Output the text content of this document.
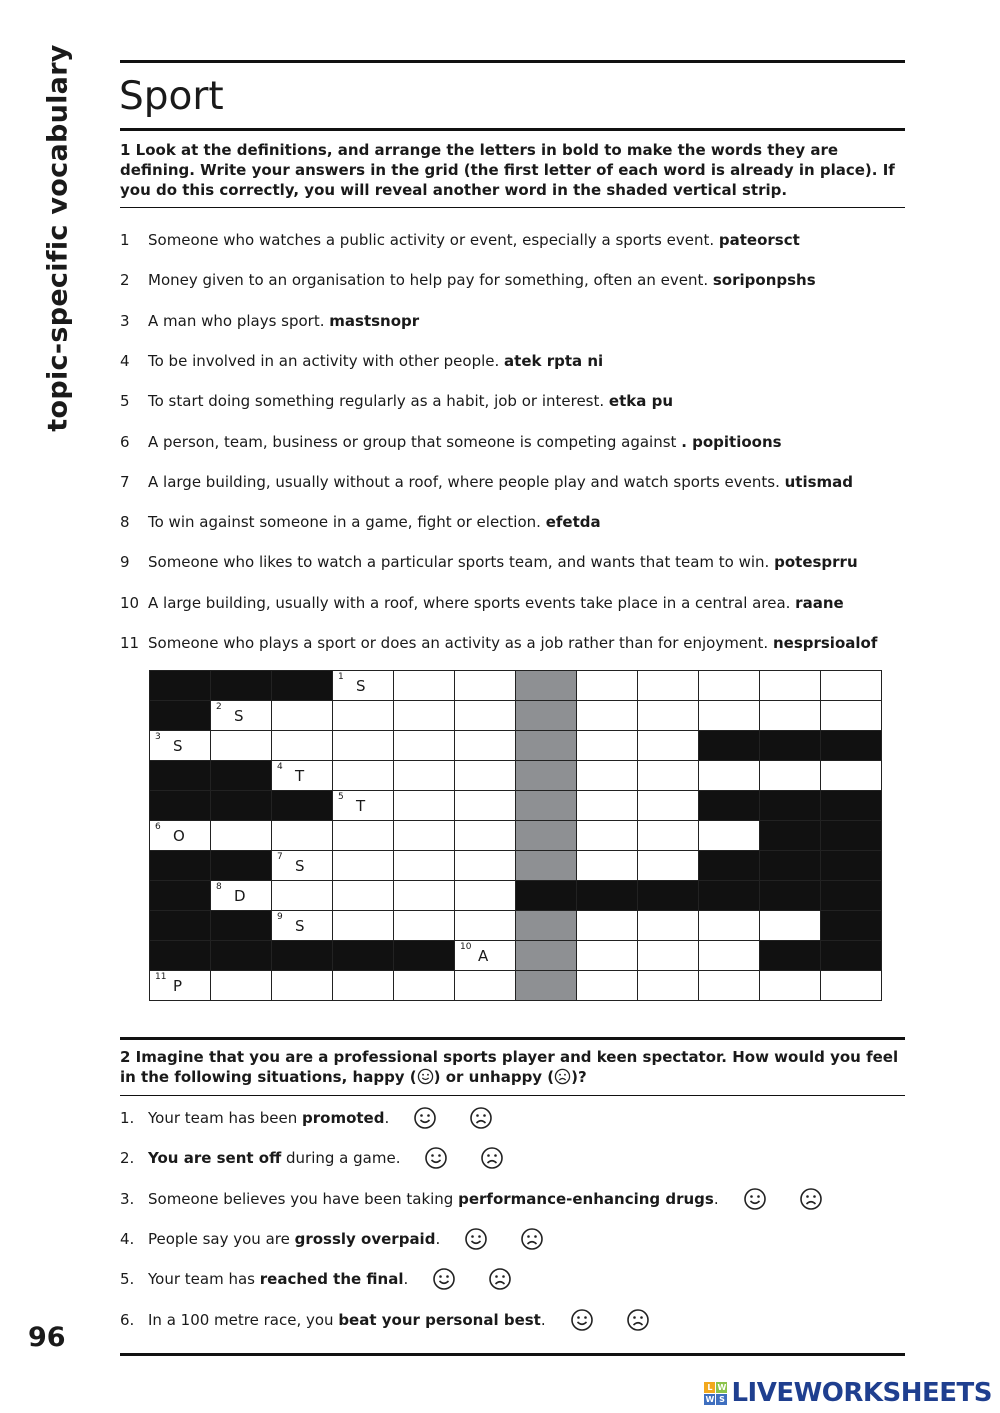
topic-specific vocabulary
96
Sport
1 Look at the definitions, and arrange the letters in bold to make the words they are defining. Write your answers in the grid (the first letter of each word is already in place). If you do this correctly, you will reveal another word in the shaded vertical strip.
1 Someone who watches a public activity or event, especially a sports event. pateorsct
2 Money given to an organisation to help pay for something, often an event. soriponpshs
3 A man who plays sport. mastsnopr
4 To be involved in an activity with other people. atek rpta ni
5 To start doing something regularly as a habit, job or interest. etka pu
6 A person, team, business or group that someone is competing against . popitioons
7 A large building, usually without a roof, where people play and watch sports events. utismad
8 To win against someone in a game, fight or election. efetda
9 Someone who likes to watch a particular sports team, and wants that team to win. potesprru
10 A large building, usually with a roof, where sports events take place in a central area. raane
11 Someone who plays a sport or does an activity as a job rather than for enjoyment. nesprsioalof

			1 S								

	2 S										

3 S											

		4 T									

			5 T								

6 O											

		7 S									

	8 D										

		9 S									

					10 A						

11 P											

2 Imagine that you are a professional sports player and keen spectator. How would you feel in the following situations, happy ( ) or unhappy ( )?
1. Your team has been promoted.
2. You are sent off during a game.
3. Someone believes you have been taking performance-enhancing drugs.
4. People say you are grossly overpaid.
5. Your team has reached the final.
6. In a 100 metre race, you beat your personal best.
L W
W S LIVEWORKSHEETS
